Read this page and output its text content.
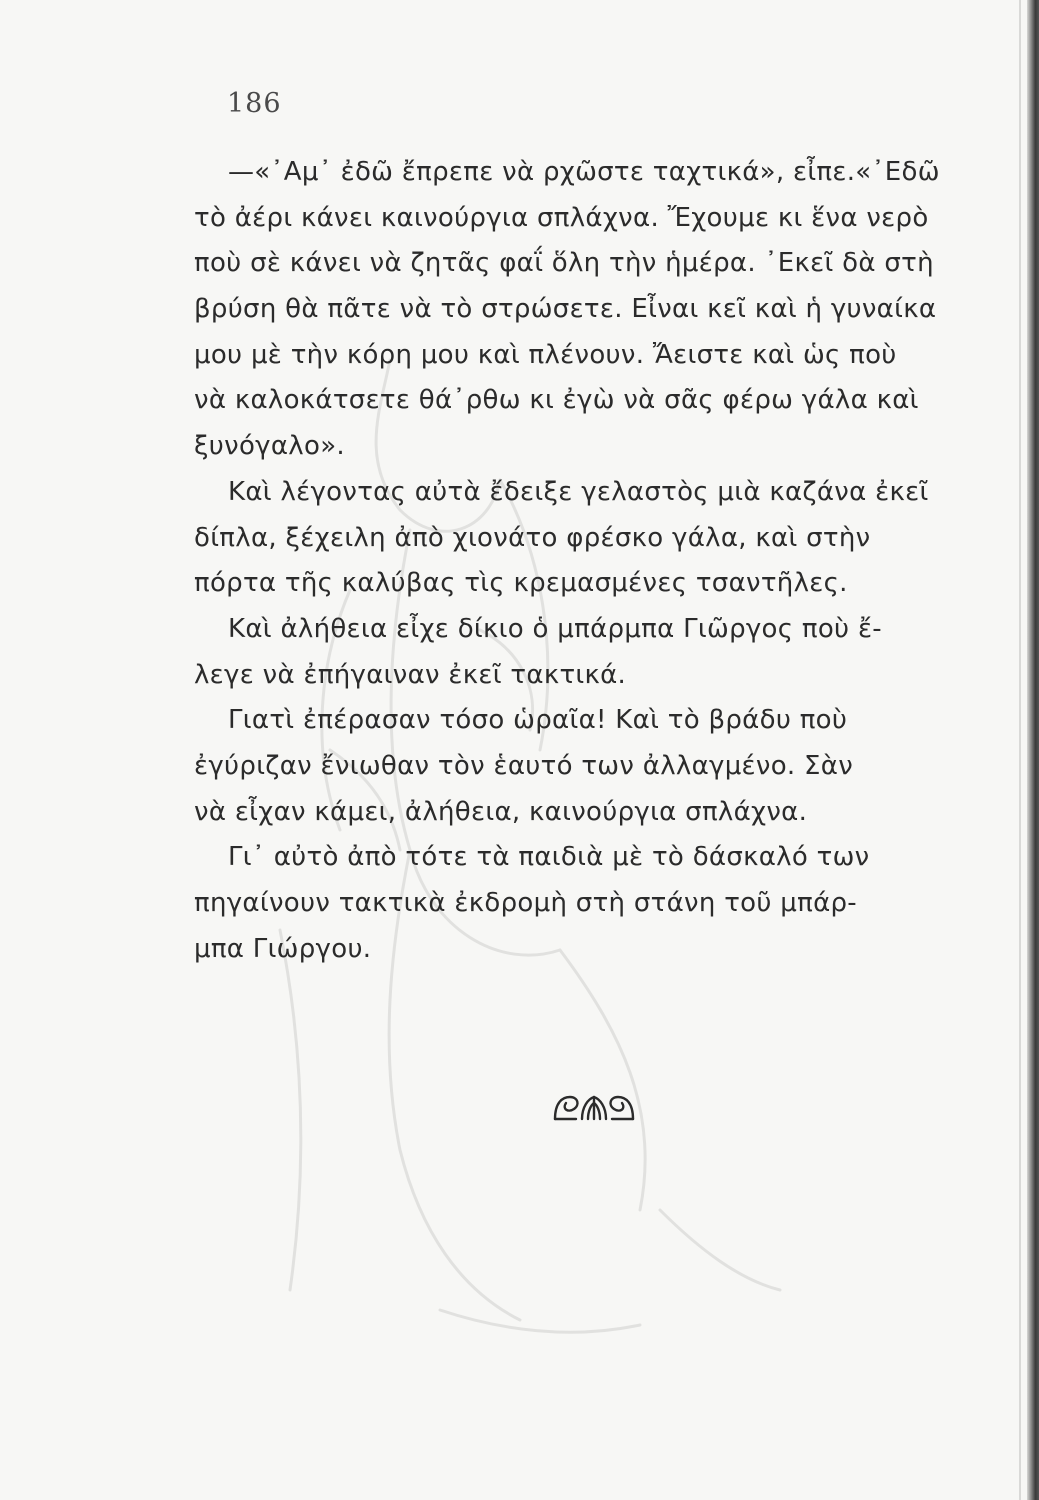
186
—«᾿Αμ᾿ ἐδῶ ἔπρεπε νὰ ρχῶστε ταχτικά», εἶπε.«᾿Εδῶ
τὸ ἀέρι κάνει καινούργια σπλάχνα. Ἔχουμε κι ἕνα νερὸ
ποὺ σὲ κάνει νὰ ζητᾶς φαΐ ὅλη τὴν ἡμέρα. ᾿Εκεῖ δὰ στὴ
βρύση θὰ πᾶτε νὰ τὸ στρώσετε. Εἶναι κεῖ καὶ ἡ γυναίκα
μου μὲ τὴν κόρη μου καὶ πλένουν. Ἄειστε καὶ ὡς ποὺ
νὰ καλοκάτσετε θά᾿ρθω κι ἐγὼ νὰ σᾶς φέρω γάλα καὶ
ξυνόγαλο».
Καὶ λέγοντας αὐτὰ ἔδειξε γελαστὸς μιὰ καζάνα ἐκεῖ
δίπλα, ξέχειλη ἀπὸ χιονάτο φρέσκο γάλα, καὶ στὴν
πόρτα τῆς καλύβας τὶς κρεμασμένες τσαντῆλες.
Καὶ ἀλήθεια εἶχε δίκιο ὁ μπάρμπα Γιῶργος ποὺ ἔ-
λεγε νὰ ἐπήγαιναν ἐκεῖ τακτικά.
Γιατὶ ἐπέρασαν τόσο ὡραῖα! Καὶ τὸ βράδυ ποὺ
ἐγύριζαν ἔνιωθαν τὸν ἑαυτό των ἀλλαγμένο. Σὰν
νὰ εἶχαν κάμει, ἀλήθεια, καινούργια σπλάχνα.
Γι᾿ αὐτὸ ἀπὸ τότε τὰ παιδιὰ μὲ τὸ δάσκαλό των
πηγαίνουν τακτικὰ ἐκδρομὴ στὴ στάνη τοῦ μπάρ-
μπα Γιώργου.
